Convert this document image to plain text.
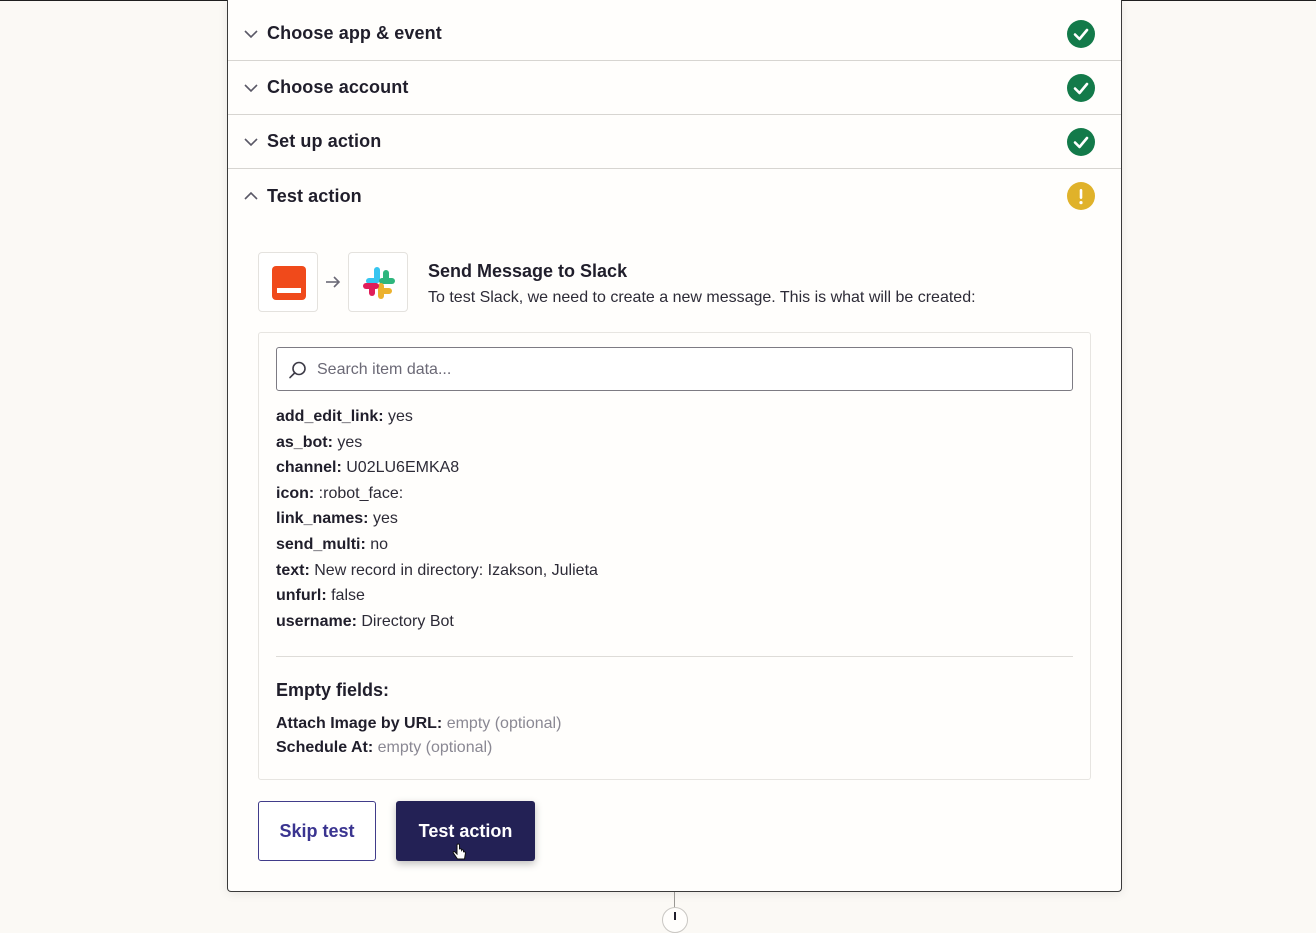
Choose app & event
Choose account
Set up action
Test action
Send Message to Slack
To test Slack, we need to create a new message. This is what will be created:
Search item data...
add_edit_link: yes
as_bot: yes
channel: U02LU6EMKA8
icon: :robot_face:
link_names: yes
send_multi: no
text: New record in directory: Izakson, Julieta
unfurl: false
username: Directory Bot
Empty fields:
Attach Image by URL: empty (optional)
Schedule At: empty (optional)
Skip test	Test action
